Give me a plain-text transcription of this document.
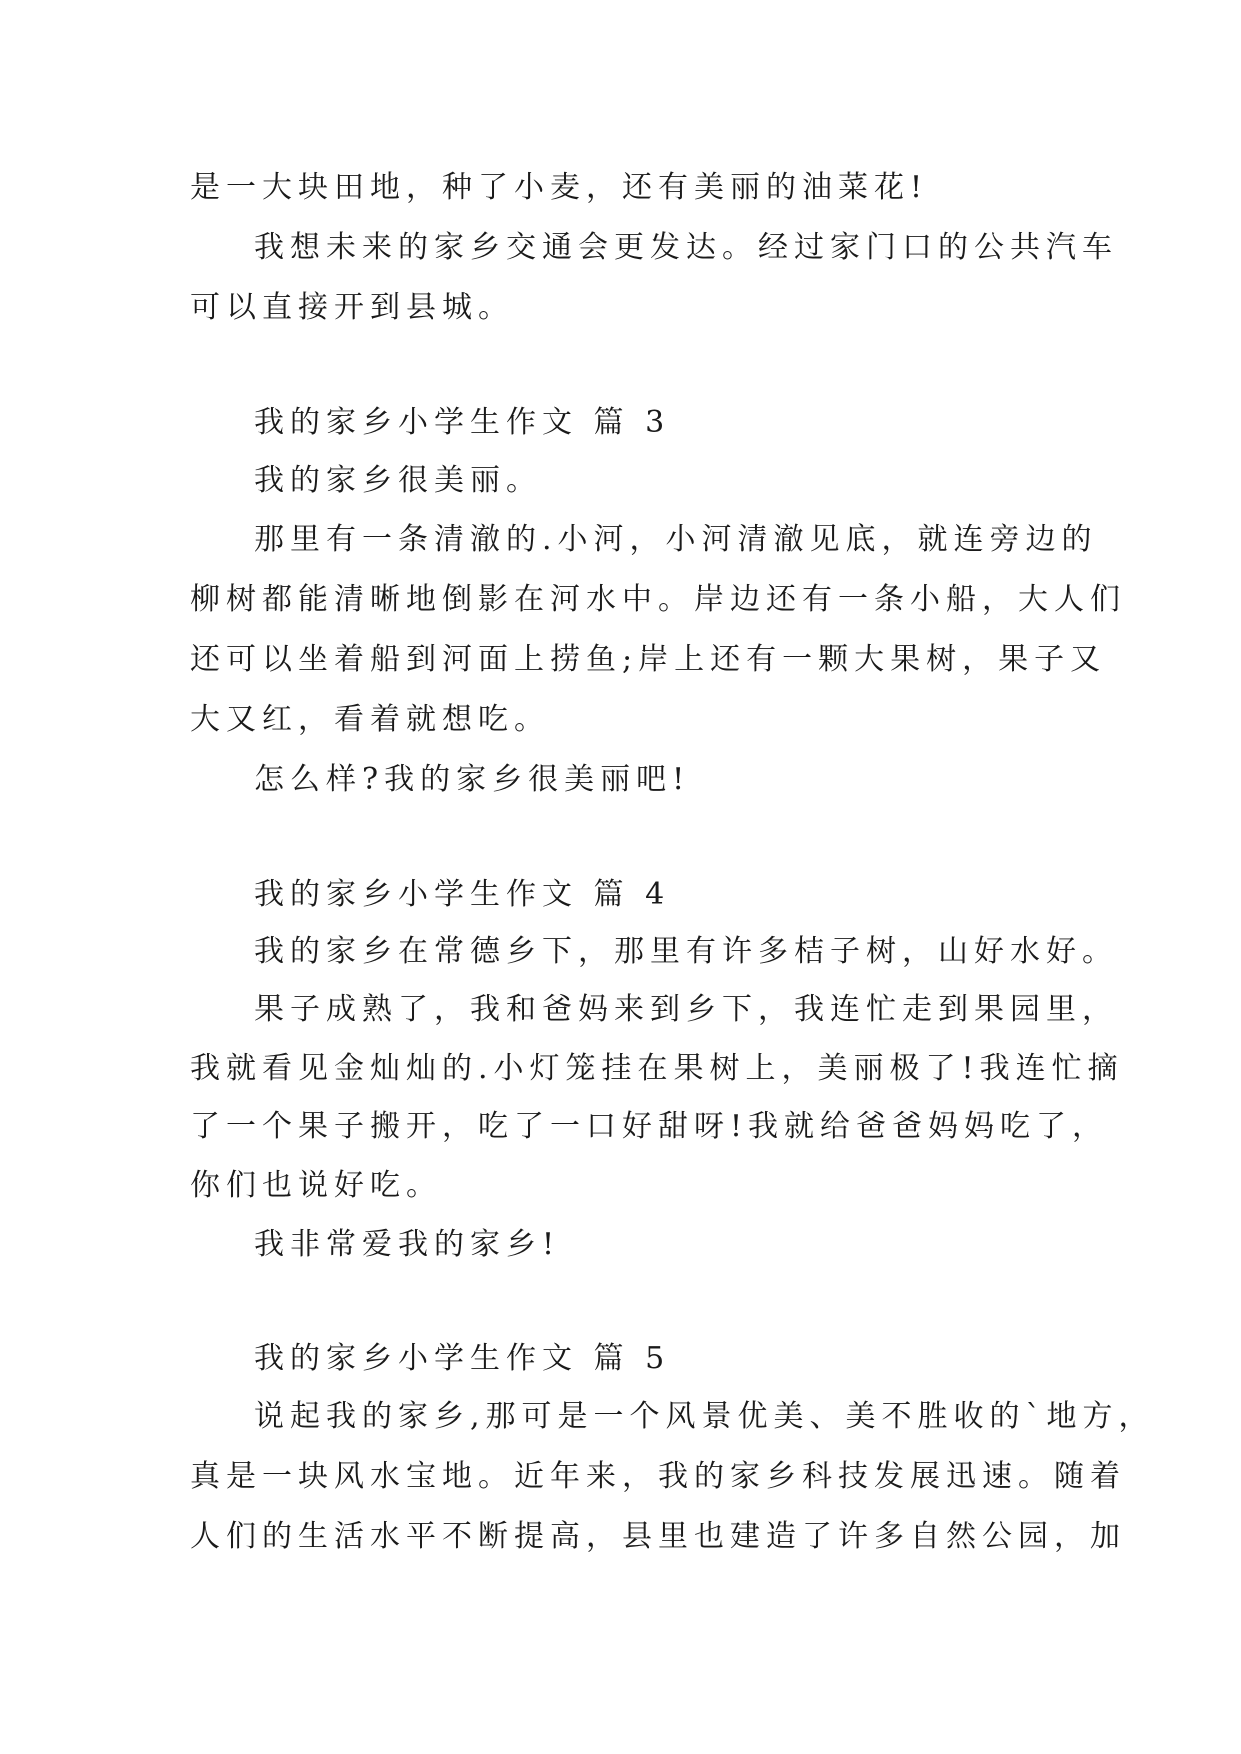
是一大块田地，种了小麦，还有美丽的油菜花!
我想未来的家乡交通会更发达。经过家门口的公共汽车
可以直接开到县城。
我的家乡小学生作文 篇 3
我的家乡很美丽。
那里有一条清澈的.小河，小河清澈见底，就连旁边的
柳树都能清晰地倒影在河水中。岸边还有一条小船，大人们
还可以坐着船到河面上捞鱼;岸上还有一颗大果树，果子又
大又红，看着就想吃。
怎么样?我的家乡很美丽吧!
我的家乡小学生作文 篇 4
我的家乡在常德乡下，那里有许多桔子树，山好水好。
果子成熟了，我和爸妈来到乡下，我连忙走到果园里，
我就看见金灿灿的.小灯笼挂在果树上，美丽极了!我连忙摘
了一个果子搬开，吃了一口好甜呀!我就给爸爸妈妈吃了，
你们也说好吃。
我非常爱我的家乡!
我的家乡小学生作文 篇 5
说起我的家乡,那可是一个风景优美、美不胜收的`地方，
真是一块风水宝地。近年来，我的家乡科技发展迅速。随着
人们的生活水平不断提高，县里也建造了许多自然公园，加
